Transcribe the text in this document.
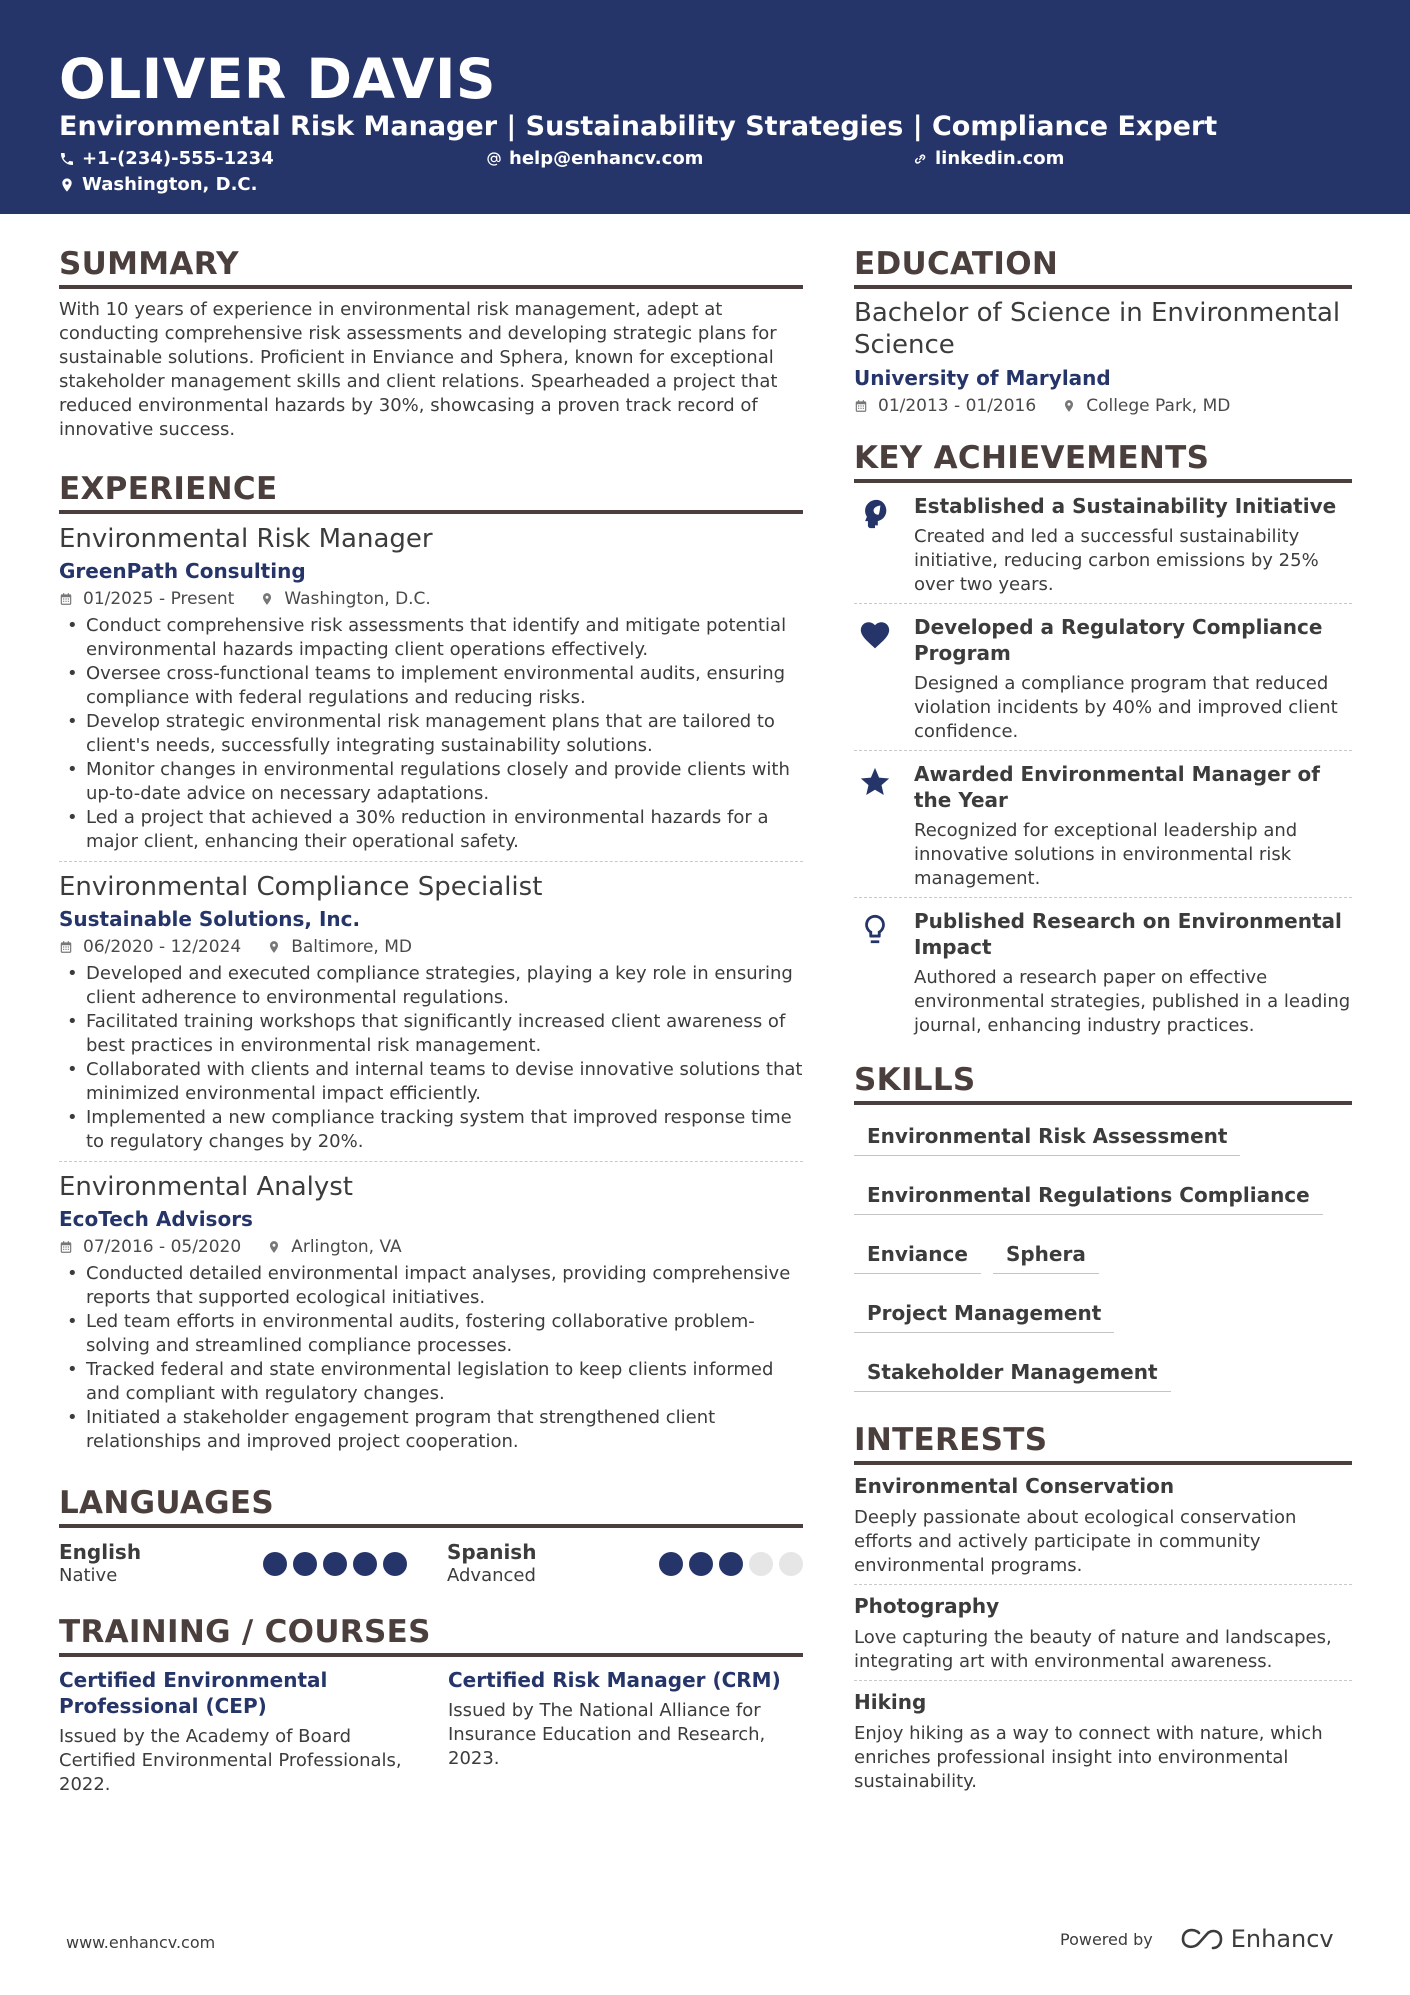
OLIVER DAVIS
Environmental Risk Manager | Sustainability Strategies | Compliance Expert
+1-(234)-555-1234	help@enhancv.com	linkedin.com
Washington, D.C.
SUMMARY
With 10 years of experience in environmental risk management, adept at conducting comprehensive risk assessments and developing strategic plans for sustainable solutions. Proficient in Enviance and Sphera, known for exceptional stakeholder management skills and client relations. Spearheaded a project that reduced environmental hazards by 30%, showcasing a proven track record of innovative success.
EXPERIENCE
Environmental Risk Manager
GreenPath Consulting
01/2025 - Present	Washington, D.C.
• Conduct comprehensive risk assessments that identify and mitigate potential environmental hazards impacting client operations effectively.
• Oversee cross-functional teams to implement environmental audits, ensuring compliance with federal regulations and reducing risks.
• Develop strategic environmental risk management plans that are tailored to client's needs, successfully integrating sustainability solutions.
• Monitor changes in environmental regulations closely and provide clients with up-to-date advice on necessary adaptations.
• Led a project that achieved a 30% reduction in environmental hazards for a major client, enhancing their operational safety.
Environmental Compliance Specialist
Sustainable Solutions, Inc.
06/2020 - 12/2024	Baltimore, MD
• Developed and executed compliance strategies, playing a key role in ensuring client adherence to environmental regulations.
• Facilitated training workshops that significantly increased client awareness of best practices in environmental risk management.
• Collaborated with clients and internal teams to devise innovative solutions that minimized environmental impact efficiently.
• Implemented a new compliance tracking system that improved response time to regulatory changes by 20%.
Environmental Analyst
EcoTech Advisors
07/2016 - 05/2020	Arlington, VA
• Conducted detailed environmental impact analyses, providing comprehensive reports that supported ecological initiatives.
• Led team efforts in environmental audits, fostering collaborative problem-solving and streamlined compliance processes.
• Tracked federal and state environmental legislation to keep clients informed and compliant with regulatory changes.
• Initiated a stakeholder engagement program that strengthened client relationships and improved project cooperation.
LANGUAGES
English
Native
Spanish
Advanced
TRAINING / COURSES
Certified Environmental Professional (CEP)
Issued by the Academy of Board Certified Environmental Professionals, 2022.
Certified Risk Manager (CRM)
Issued by The National Alliance for Insurance Education and Research, 2023.
EDUCATION
Bachelor of Science in Environmental Science
University of Maryland
01/2013 - 01/2016	College Park, MD
KEY ACHIEVEMENTS
Established a Sustainability Initiative
Created and led a successful sustainability initiative, reducing carbon emissions by 25% over two years.
Developed a Regulatory Compliance Program
Designed a compliance program that reduced violation incidents by 40% and improved client confidence.
Awarded Environmental Manager of the Year
Recognized for exceptional leadership and innovative solutions in environmental risk management.
Published Research on Environmental Impact
Authored a research paper on effective environmental strategies, published in a leading journal, enhancing industry practices.
SKILLS
Environmental Risk Assessment
Environmental Regulations Compliance
Enviance	Sphera
Project Management
Stakeholder Management
INTERESTS
Environmental Conservation
Deeply passionate about ecological conservation efforts and actively participate in community environmental programs.
Photography
Love capturing the beauty of nature and landscapes, integrating art with environmental awareness.
Hiking
Enjoy hiking as a way to connect with nature, which enriches professional insight into environmental sustainability.
www.enhancv.com	Powered by	Enhancv
